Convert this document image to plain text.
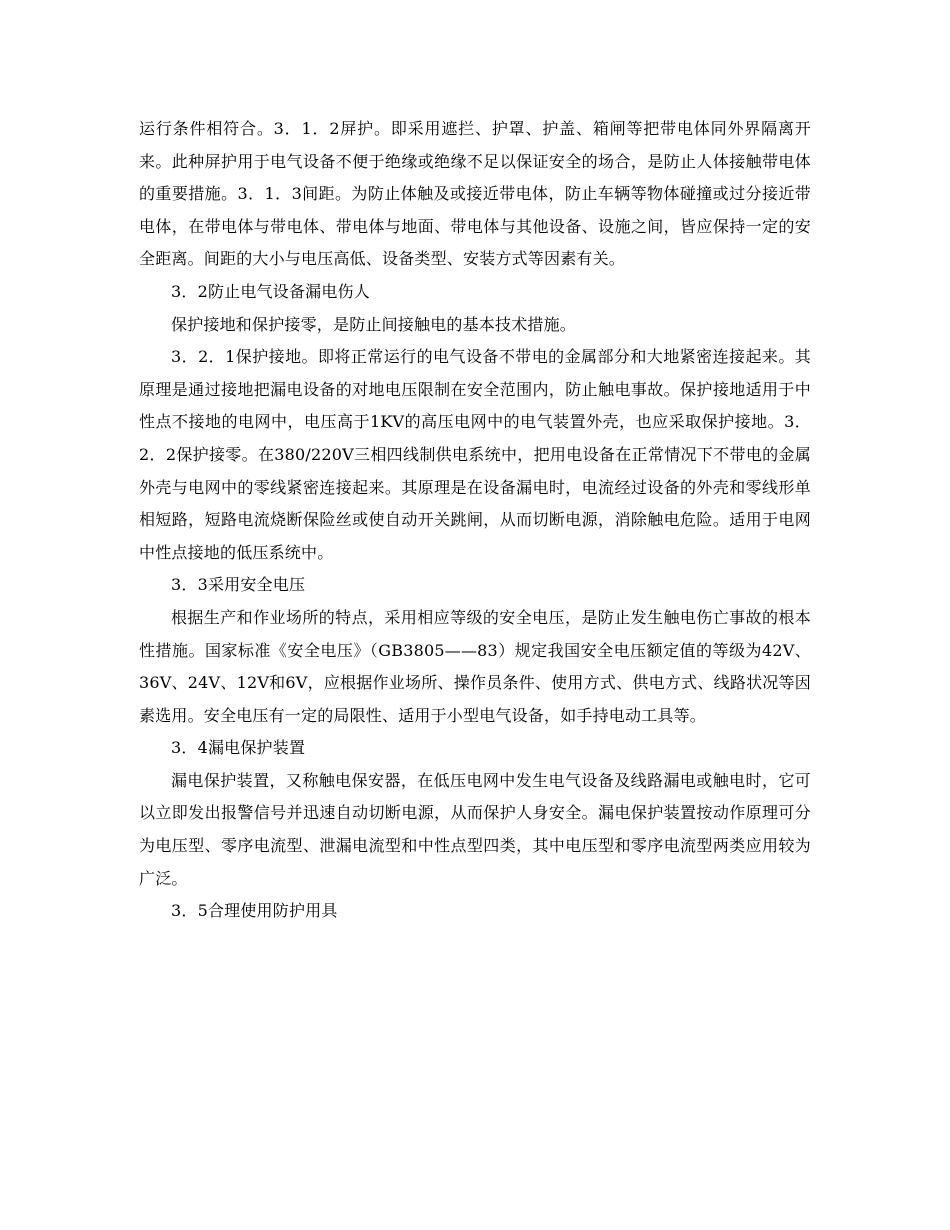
运行条件相符合。3．1．2屏护。即采用遮拦、护罩、护盖、箱闸等把带电体同外界隔离开来。此种屏护用于电气设备不便于绝缘或绝缘不足以保证安全的场合，是防止人体接触带电体的重要措施。3．1．3间距。为防止体触及或接近带电体，防止车辆等物体碰撞或过分接近带电体，在带电体与带电体、带电体与地面、带电体与其他设备、设施之间，皆应保持一定的安全距离。间距的大小与电压高低、设备类型、安装方式等因素有关。

3．2防止电气设备漏电伤人

保护接地和保护接零，是防止间接触电的基本技术措施。

3．2．1保护接地。即将正常运行的电气设备不带电的金属部分和大地紧密连接起来。其原理是通过接地把漏电设备的对地电压限制在安全范围内，防止触电事故。保护接地适用于中性点不接地的电网中，电压高于1KV的高压电网中的电气装置外壳，也应采取保护接地。3．2．2保护接零。在380/220V三相四线制供电系统中，把用电设备在正常情况下不带电的金属外壳与电网中的零线紧密连接起来。其原理是在设备漏电时，电流经过设备的外壳和零线形单相短路，短路电流烧断保险丝或使自动开关跳闸，从而切断电源，消除触电危险。适用于电网中性点接地的低压系统中。

3．3采用安全电压

根据生产和作业场所的特点，采用相应等级的安全电压，是防止发生触电伤亡事故的根本性措施。国家标准《安全电压》（GB3805——83）规定我国安全电压额定值的等级为42V、36V、24V、12V和6V，应根据作业场所、操作员条件、使用方式、供电方式、线路状况等因素选用。安全电压有一定的局限性、适用于小型电气设备，如手持电动工具等。

3．4漏电保护装置

漏电保护装置，又称触电保安器，在低压电网中发生电气设备及线路漏电或触电时，它可以立即发出报警信号并迅速自动切断电源，从而保护人身安全。漏电保护装置按动作原理可分为电压型、零序电流型、泄漏电流型和中性点型四类，其中电压型和零序电流型两类应用较为广泛。

3．5合理使用防护用具
